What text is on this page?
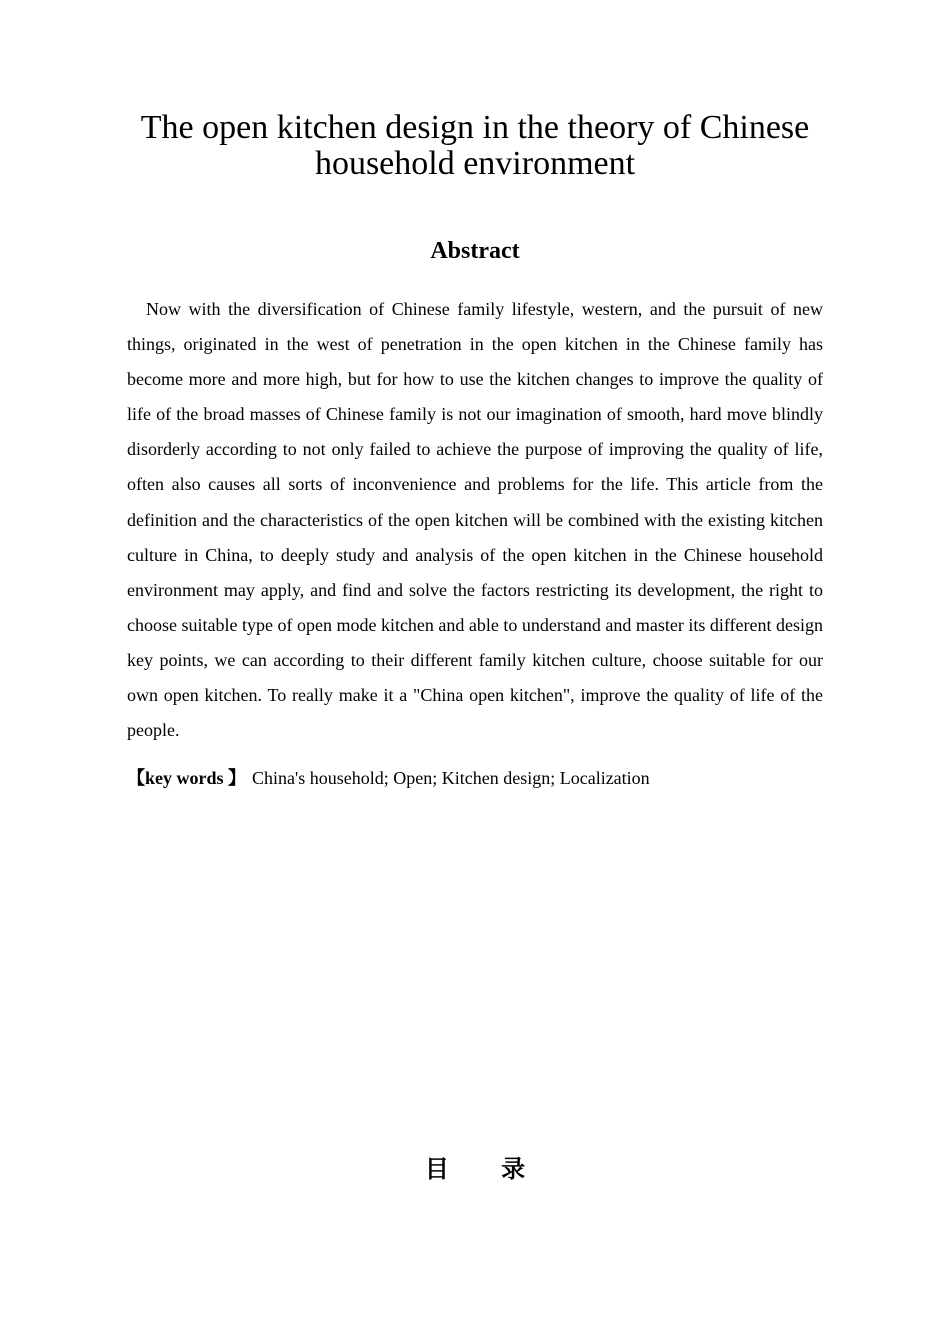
The open kitchen design in the theory of Chinese household environment
Abstract

Now with the diversification of Chinese family lifestyle, western, and the pursuit of new things, originated in the west of penetration in the open kitchen in the Chinese family has become more and more high, but for how to use the kitchen changes to improve the quality of life of the broad masses of Chinese family is not our imagination of smooth, hard move blindly disorderly according to not only failed to achieve the purpose of improving the quality of life, often also causes all sorts of inconvenience and problems for the life. This article from the definition and the characteristics of the open kitchen will be combined with the existing kitchen culture in China, to deeply study and analysis of the open kitchen in the Chinese household environment may apply, and find and solve the factors restricting its development, the right to choose suitable type of open mode kitchen and able to understand and master its different design key points, we can according to their different family kitchen culture, choose suitable for our own open kitchen. To really make it a "China open kitchen", improve the quality of life of the people.

【key words 】 China's household; Open; Kitchen design; Localization

目 录
